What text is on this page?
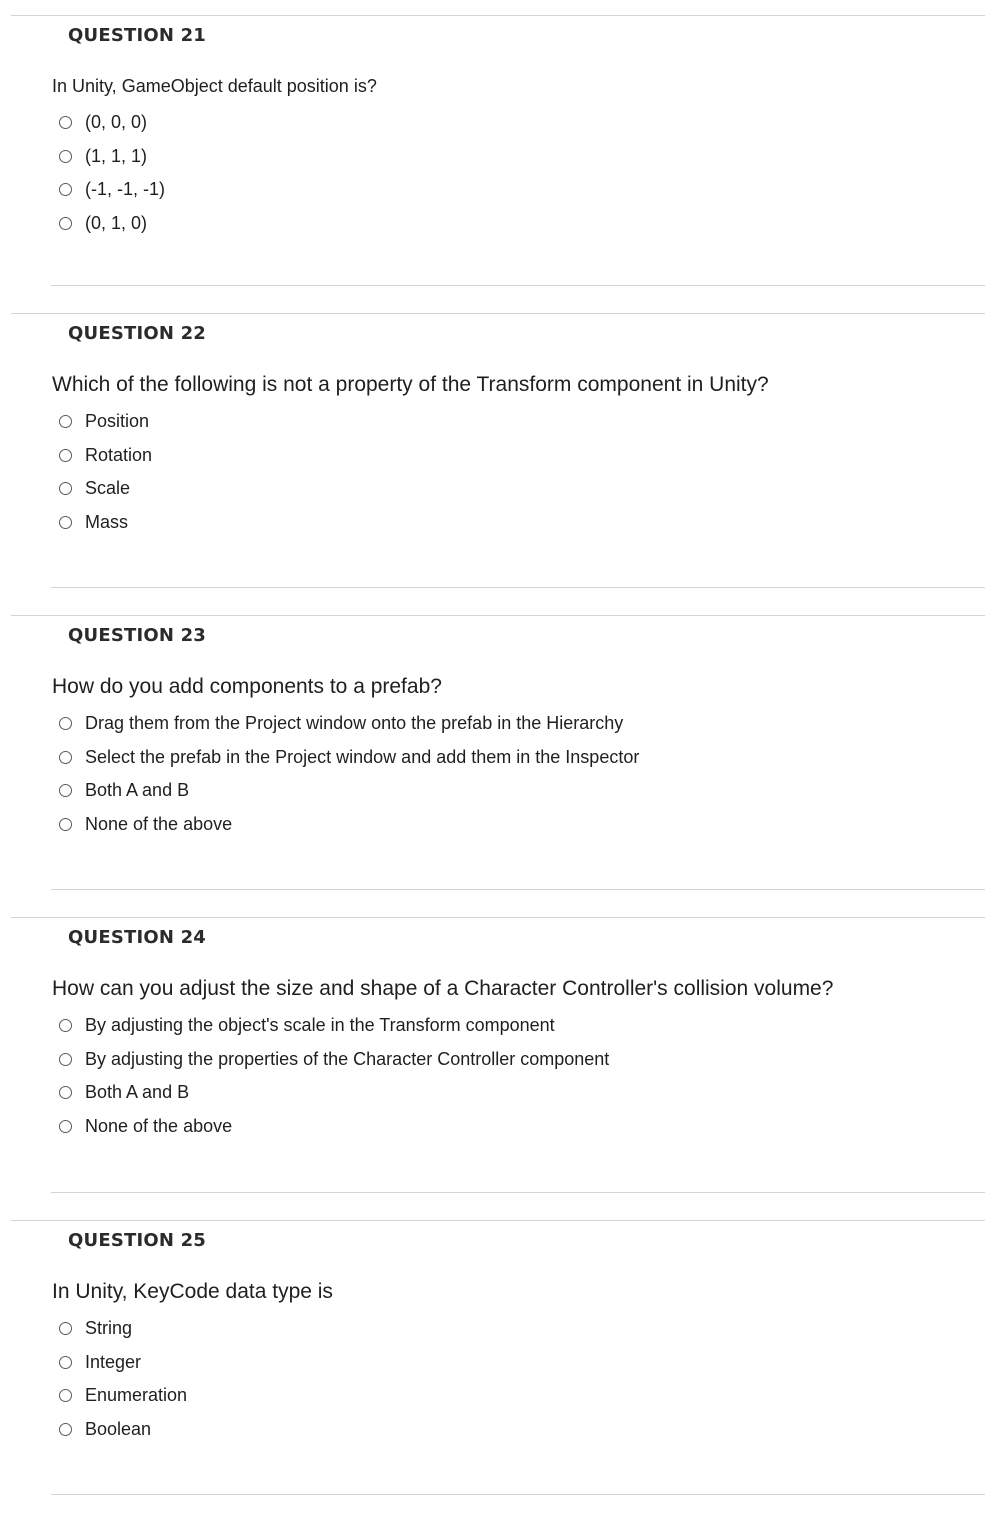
QUESTION 21

In Unity, GameObject default position is?

(0, 0, 0)
(1, 1, 1)
(-1, -1, -1)
(0, 1, 0)
QUESTION 22

Which of the following is not a property of the Transform component in Unity?

Position
Rotation
Scale
Mass
QUESTION 23

How do you add components to a prefab?

Drag them from the Project window onto the prefab in the Hierarchy
Select the prefab in the Project window and add them in the Inspector
Both A and B
None of the above
QUESTION 24

How can you adjust the size and shape of a Character Controller's collision volume?

By adjusting the object's scale in the Transform component
By adjusting the properties of the Character Controller component
Both A and B
None of the above
QUESTION 25

In Unity, KeyCode data type is

String
Integer
Enumeration
Boolean
